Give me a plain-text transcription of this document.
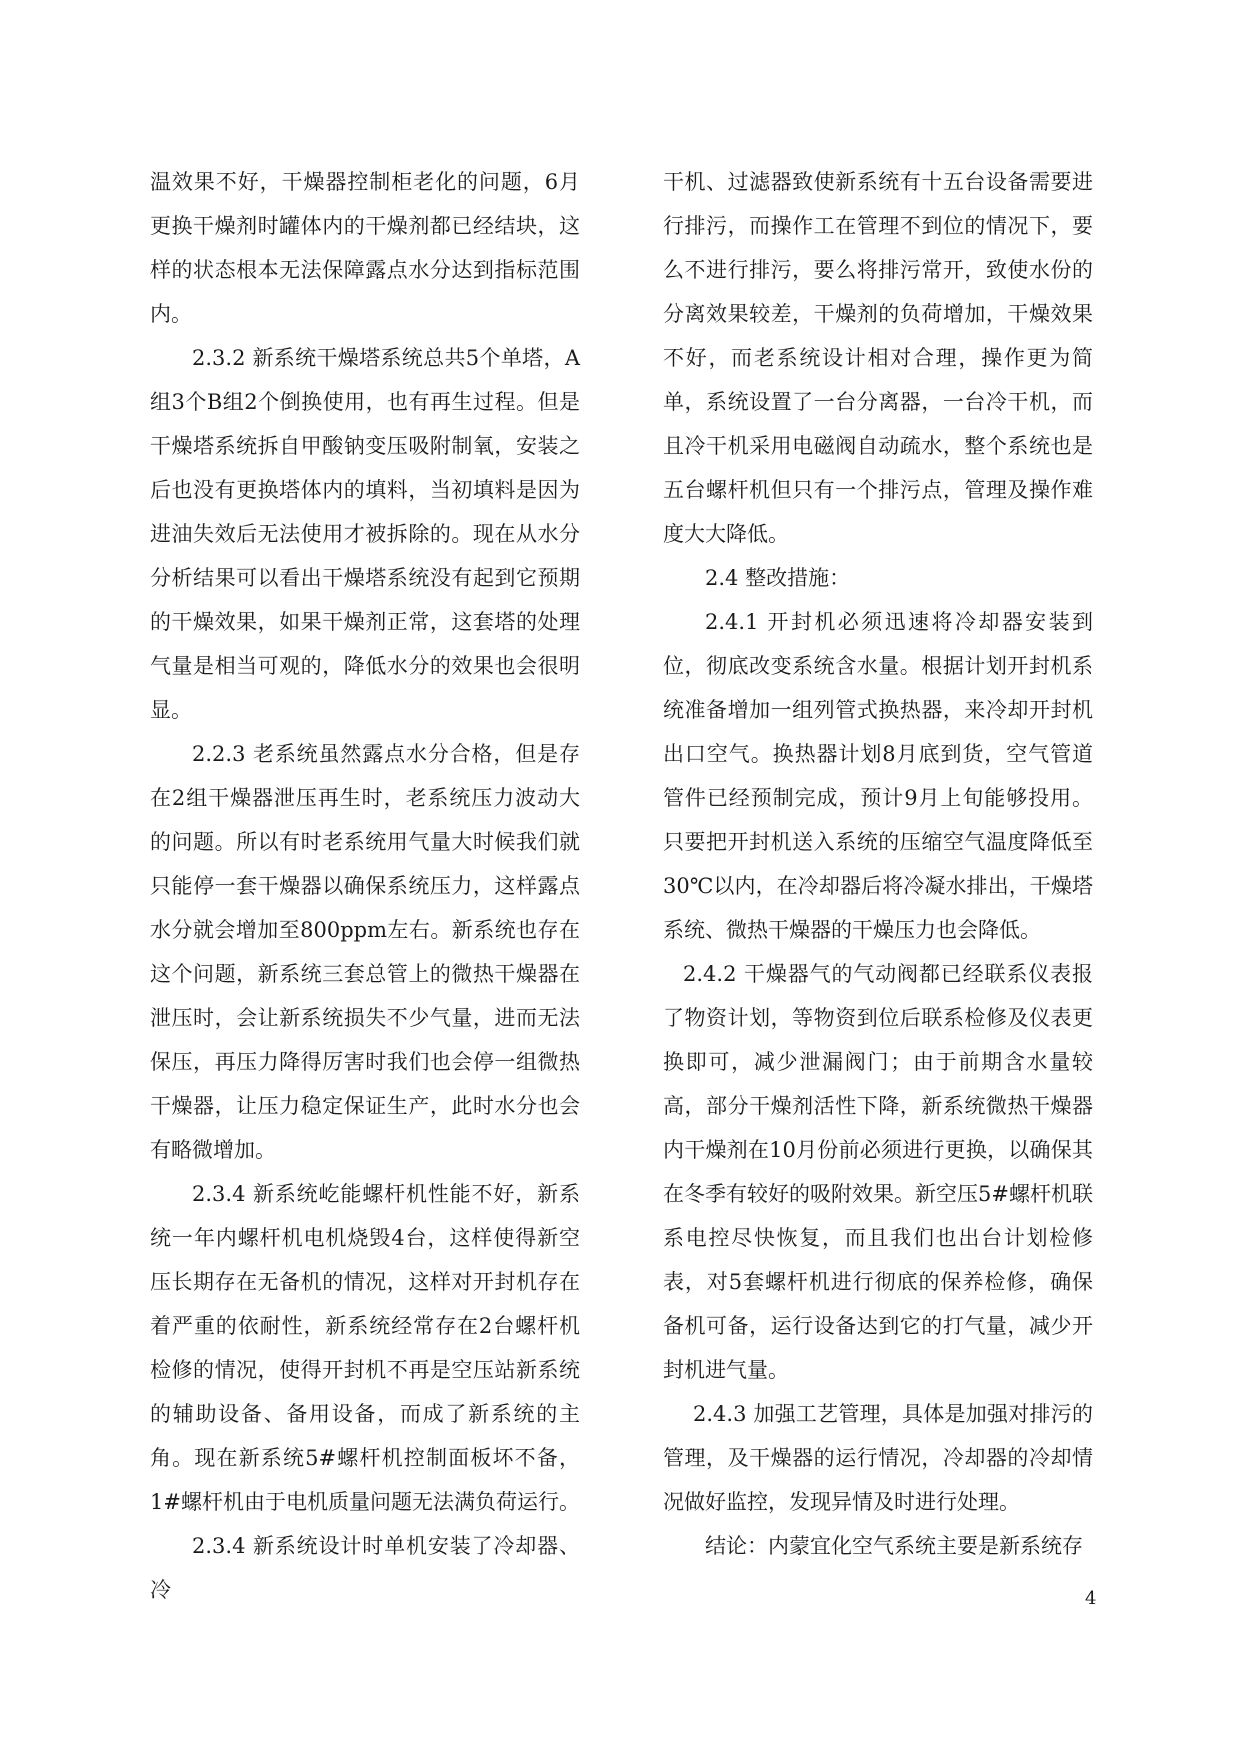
温效果不好，干燥器控制柜老化的问题，6月更换干燥剂时罐体内的干燥剂都已经结块，这样的状态根本无法保障露点水分达到指标范围内。

2.3.2 新系统干燥塔系统总共5个单塔，A组3个B组2个倒换使用，也有再生过程。但是干燥塔系统拆自甲酸钠变压吸附制氧，安装之后也没有更换塔体内的填料，当初填料是因为进油失效后无法使用才被拆除的。现在从水分分析结果可以看出干燥塔系统没有起到它预期的干燥效果，如果干燥剂正常，这套塔的处理气量是相当可观的，降低水分的效果也会很明显。

2.2.3 老系统虽然露点水分合格，但是存在2组干燥器泄压再生时，老系统压力波动大的问题。所以有时老系统用气量大时候我们就只能停一套干燥器以确保系统压力，这样露点水分就会增加至800ppm左右。新系统也存在这个问题，新系统三套总管上的微热干燥器在泄压时，会让新系统损失不少气量，进而无法保压，再压力降得厉害时我们也会停一组微热干燥器，让压力稳定保证生产，此时水分也会有略微增加。

2.3.4 新系统屹能螺杆机性能不好，新系统一年内螺杆机电机烧毁4台，这样使得新空压长期存在无备机的情况，这样对开封机存在着严重的依耐性，新系统经常存在2台螺杆机检修的情况，使得开封机不再是空压站新系统的辅助设备、备用设备，而成了新系统的主角。现在新系统5#螺杆机控制面板坏不备，1#螺杆机由于电机质量问题无法满负荷运行。

2.3.4 新系统设计时单机安装了冷却器、冷

干机、过滤器致使新系统有十五台设备需要进行排污，而操作工在管理不到位的情况下，要么不进行排污，要么将排污常开，致使水份的分离效果较差，干燥剂的负荷增加，干燥效果不好，而老系统设计相对合理，操作更为简单，系统设置了一台分离器，一台冷干机，而且冷干机采用电磁阀自动疏水，整个系统也是五台螺杆机但只有一个排污点，管理及操作难度大大降低。

2.4 整改措施：

2.4.1 开封机必须迅速将冷却器安装到位，彻底改变系统含水量。根据计划开封机系统准备增加一组列管式换热器，来冷却开封机出口空气。换热器计划8月底到货，空气管道管件已经预制完成，预计9月上旬能够投用。只要把开封机送入系统的压缩空气温度降低至30℃以内，在冷却器后将冷凝水排出，干燥塔系统、微热干燥器的干燥压力也会降低。

2.4.2 干燥器气的气动阀都已经联系仪表报了物资计划，等物资到位后联系检修及仪表更换即可，减少泄漏阀门；由于前期含水量较高，部分干燥剂活性下降，新系统微热干燥器内干燥剂在10月份前必须进行更换，以确保其在冬季有较好的吸附效果。新空压5#螺杆机联系电控尽快恢复，而且我们也出台计划检修表，对5套螺杆机进行彻底的保养检修，确保备机可备，运行设备达到它的打气量，减少开封机进气量。

2.4.3 加强工艺管理，具体是加强对排污的管理，及干燥器的运行情况，冷却器的冷却情况做好监控，发现异情及时进行处理。

结论：内蒙宜化空气系统主要是新系统存

4
